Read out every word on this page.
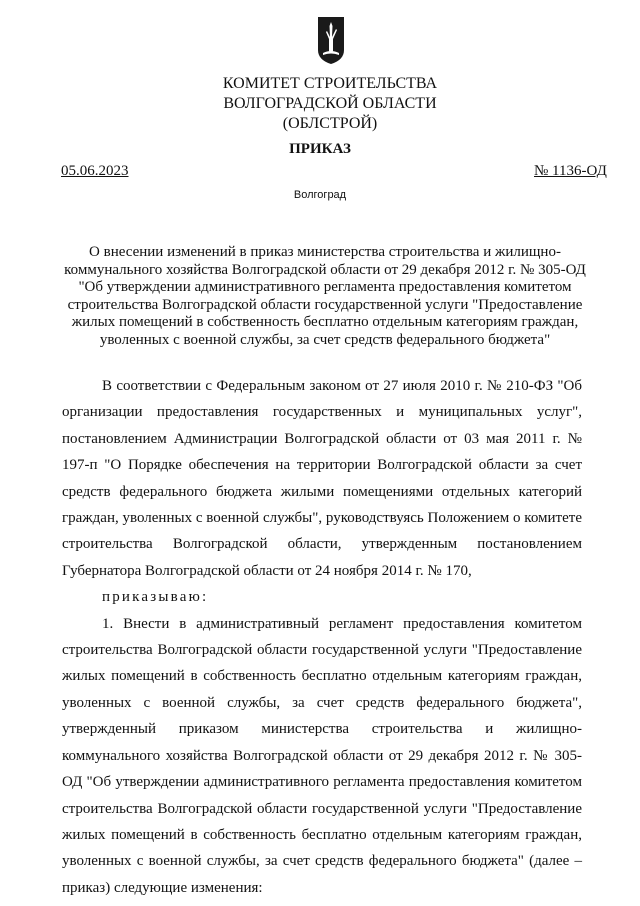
КОМИТЕТ СТРОИТЕЛЬСТВА
ВОЛГОГРАДСКОЙ ОБЛАСТИ
(ОБЛСТРОЙ)
ПРИКАЗ
05.06.2023	№ 1136-ОД
Волгоград

О внесении изменений в приказ министерства строительства и жилищно-коммунального хозяйства Волгоградской области от 29 декабря 2012 г. № 305-ОД "Об утверждении административного регламента предоставления комитетом строительства Волгоградской области государственной услуги "Предоставление жилых помещений в собственность бесплатно отдельным категориям граждан, уволенных с военной службы, за счет средств федерального бюджета"

В соответствии с Федеральным законом от 27 июля 2010 г. № 210-ФЗ "Об организации предоставления государственных и муниципальных услуг", постановлением Администрации Волгоградской области от 03 мая 2011 г. № 197-п "О Порядке обеспечения на территории Волгоградской области за счет средств федерального бюджета жилыми помещениями отдельных категорий граждан, уволенных с военной службы", руководствуясь Положением о комитете строительства Волгоградской области, утвержденным постановлением Губернатора Волгоградской области от 24 ноября 2014 г. № 170,

приказываю:

1. Внести в административный регламент предоставления комитетом строительства Волгоградской области государственной услуги "Предоставление жилых помещений в собственность бесплатно отдельным категориям граждан, уволенных с военной службы, за счет средств федерального бюджета", утвержденный приказом министерства строительства и жилищно-коммунального хозяйства Волгоградской области от 29 декабря 2012 г. № 305-ОД "Об утверждении административного регламента предоставления комитетом строительства Волгоградской области государственной услуги "Предоставление жилых помещений в собственность бесплатно отдельным категориям граждан, уволенных с военной службы, за счет средств федерального бюджета" (далее – приказ) следующие изменения:
